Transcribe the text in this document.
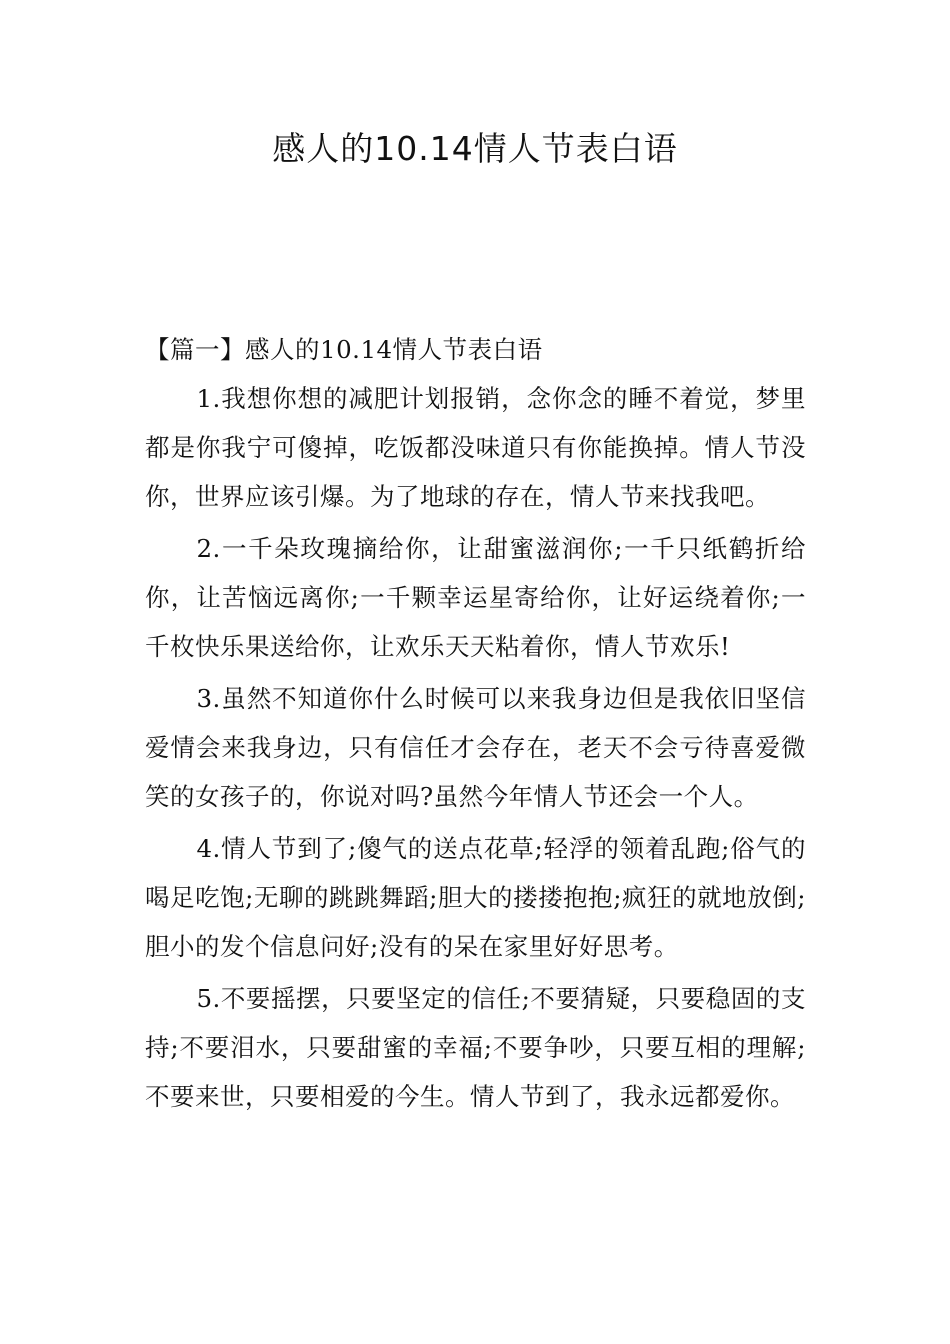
感人的10.14情人节表白语
【篇一】感人的10.14情人节表白语

1.我想你想的减肥计划报销，念你念的睡不着觉，梦里都是你我宁可傻掉，吃饭都没味道只有你能换掉。情人节没你，世界应该引爆。为了地球的存在，情人节来找我吧。

2.一千朵玫瑰摘给你，让甜蜜滋润你;一千只纸鹤折给你，让苦恼远离你;一千颗幸运星寄给你，让好运绕着你;一千枚快乐果送给你，让欢乐天天粘着你，情人节欢乐!

3.虽然不知道你什么时候可以来我身边但是我依旧坚信爱情会来我身边，只有信任才会存在，老天不会亏待喜爱微笑的女孩子的，你说对吗?虽然今年情人节还会一个人。

4.情人节到了;傻气的送点花草;轻浮的领着乱跑;俗气的喝足吃饱;无聊的跳跳舞蹈;胆大的搂搂抱抱;疯狂的就地放倒;胆小的发个信息问好;没有的呆在家里好好思考。

5.不要摇摆，只要坚定的信任;不要猜疑，只要稳固的支持;不要泪水，只要甜蜜的幸福;不要争吵，只要互相的理解;不要来世，只要相爱的今生。情人节到了，我永远都爱你。
